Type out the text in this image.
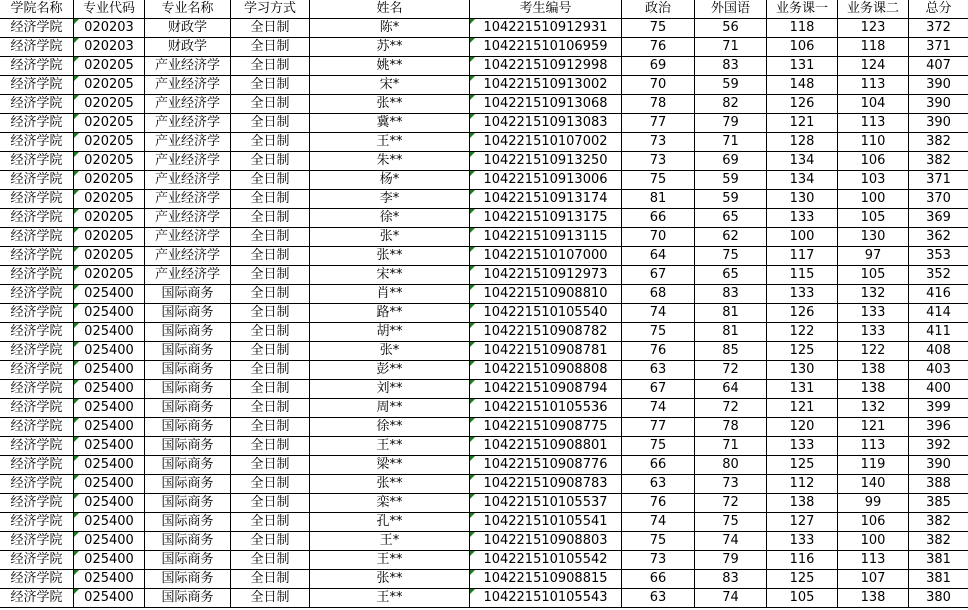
学院名称	专业代码	专业名称	学习方式	姓名	考生编号	政治	外国语	业务课一	业务课二	总分
经济学院	020203	财政学	全日制	陈*	104221510912931	75	56	118	123	372
经济学院	020203	财政学	全日制	苏**	104221510106959	76	71	106	118	371
经济学院	020205	产业经济学	全日制	姚**	104221510912998	69	83	131	124	407
经济学院	020205	产业经济学	全日制	宋*	104221510913002	70	59	148	113	390
经济学院	020205	产业经济学	全日制	张**	104221510913068	78	82	126	104	390
经济学院	020205	产业经济学	全日制	冀**	104221510913083	77	79	121	113	390
经济学院	020205	产业经济学	全日制	王**	104221510107002	73	71	128	110	382
经济学院	020205	产业经济学	全日制	朱**	104221510913250	73	69	134	106	382
经济学院	020205	产业经济学	全日制	杨*	104221510913006	75	59	134	103	371
经济学院	020205	产业经济学	全日制	李*	104221510913174	81	59	130	100	370
经济学院	020205	产业经济学	全日制	徐*	104221510913175	66	65	133	105	369
经济学院	020205	产业经济学	全日制	张*	104221510913115	70	62	100	130	362
经济学院	020205	产业经济学	全日制	张**	104221510107000	64	75	117	97	353
经济学院	020205	产业经济学	全日制	宋**	104221510912973	67	65	115	105	352
经济学院	025400	国际商务	全日制	肖**	104221510908810	68	83	133	132	416
经济学院	025400	国际商务	全日制	路**	104221510105540	74	81	126	133	414
经济学院	025400	国际商务	全日制	胡**	104221510908782	75	81	122	133	411
经济学院	025400	国际商务	全日制	张*	104221510908781	76	85	125	122	408
经济学院	025400	国际商务	全日制	彭**	104221510908808	63	72	130	138	403
经济学院	025400	国际商务	全日制	刘**	104221510908794	67	64	131	138	400
经济学院	025400	国际商务	全日制	周**	104221510105536	74	72	121	132	399
经济学院	025400	国际商务	全日制	徐**	104221510908775	77	78	120	121	396
经济学院	025400	国际商务	全日制	王**	104221510908801	75	71	133	113	392
经济学院	025400	国际商务	全日制	梁**	104221510908776	66	80	125	119	390
经济学院	025400	国际商务	全日制	张**	104221510908783	63	73	112	140	388
经济学院	025400	国际商务	全日制	栾**	104221510105537	76	72	138	99	385
经济学院	025400	国际商务	全日制	孔**	104221510105541	74	75	127	106	382
经济学院	025400	国际商务	全日制	王*	104221510908803	75	74	133	100	382
经济学院	025400	国际商务	全日制	王**	104221510105542	73	79	116	113	381
经济学院	025400	国际商务	全日制	张**	104221510908815	66	83	125	107	381
经济学院	025400	国际商务	全日制	王**	104221510105543	63	74	105	138	380
